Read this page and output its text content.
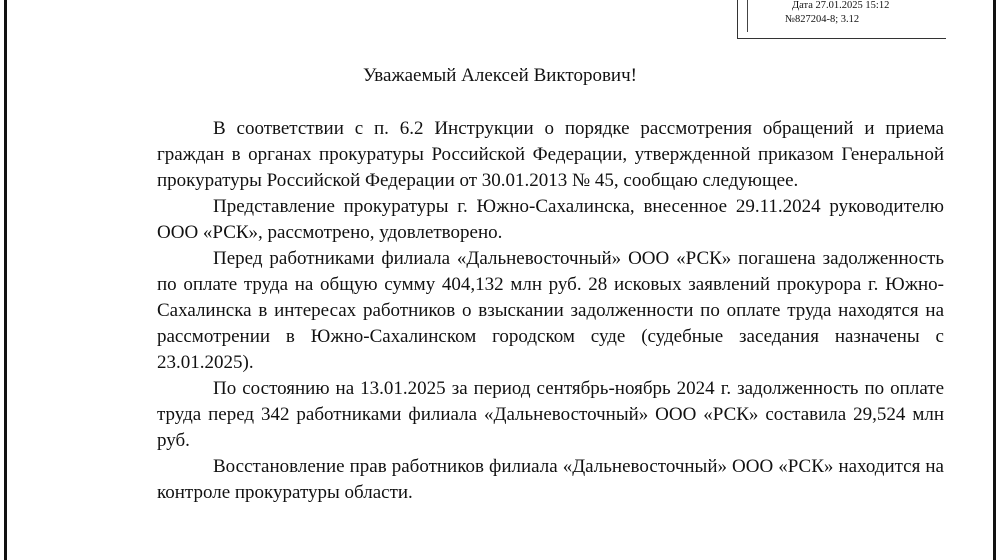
Дата 27.01.2025 15:12
№827204-8; 3.12
Уважаемый Алексей Викторович!

В соответствии с п. 6.2 Инструкции о порядке рассмотрения обращений и приема граждан в органах прокуратуры Российской Федерации, утвержденной приказом Генеральной прокуратуры Российской Федерации от 30.01.2013 № 45, сообщаю следующее.

Представление прокуратуры г. Южно-Сахалинска, внесенное 29.11.2024 руководителю ООО «РСК», рассмотрено, удовлетворено.

Перед работниками филиала «Дальневосточный» ООО «РСК» погашена задолженность по оплате труда на общую сумму 404,132 млн руб. 28 исковых заявлений прокурора г. Южно-Сахалинска в интересах работников о взыскании задолженности по оплате труда находятся на рассмотрении в Южно-Сахалинском городском суде (судебные заседания назначены с 23.01.2025).

По состоянию на 13.01.2025 за период сентябрь-ноябрь 2024 г. задолженность по оплате труда перед 342 работниками филиала «Дальневосточный» ООО «РСК» составила 29,524 млн руб.

Восстановление прав работников филиала «Дальневосточный» ООО «РСК» находится на контроле прокуратуры области.
